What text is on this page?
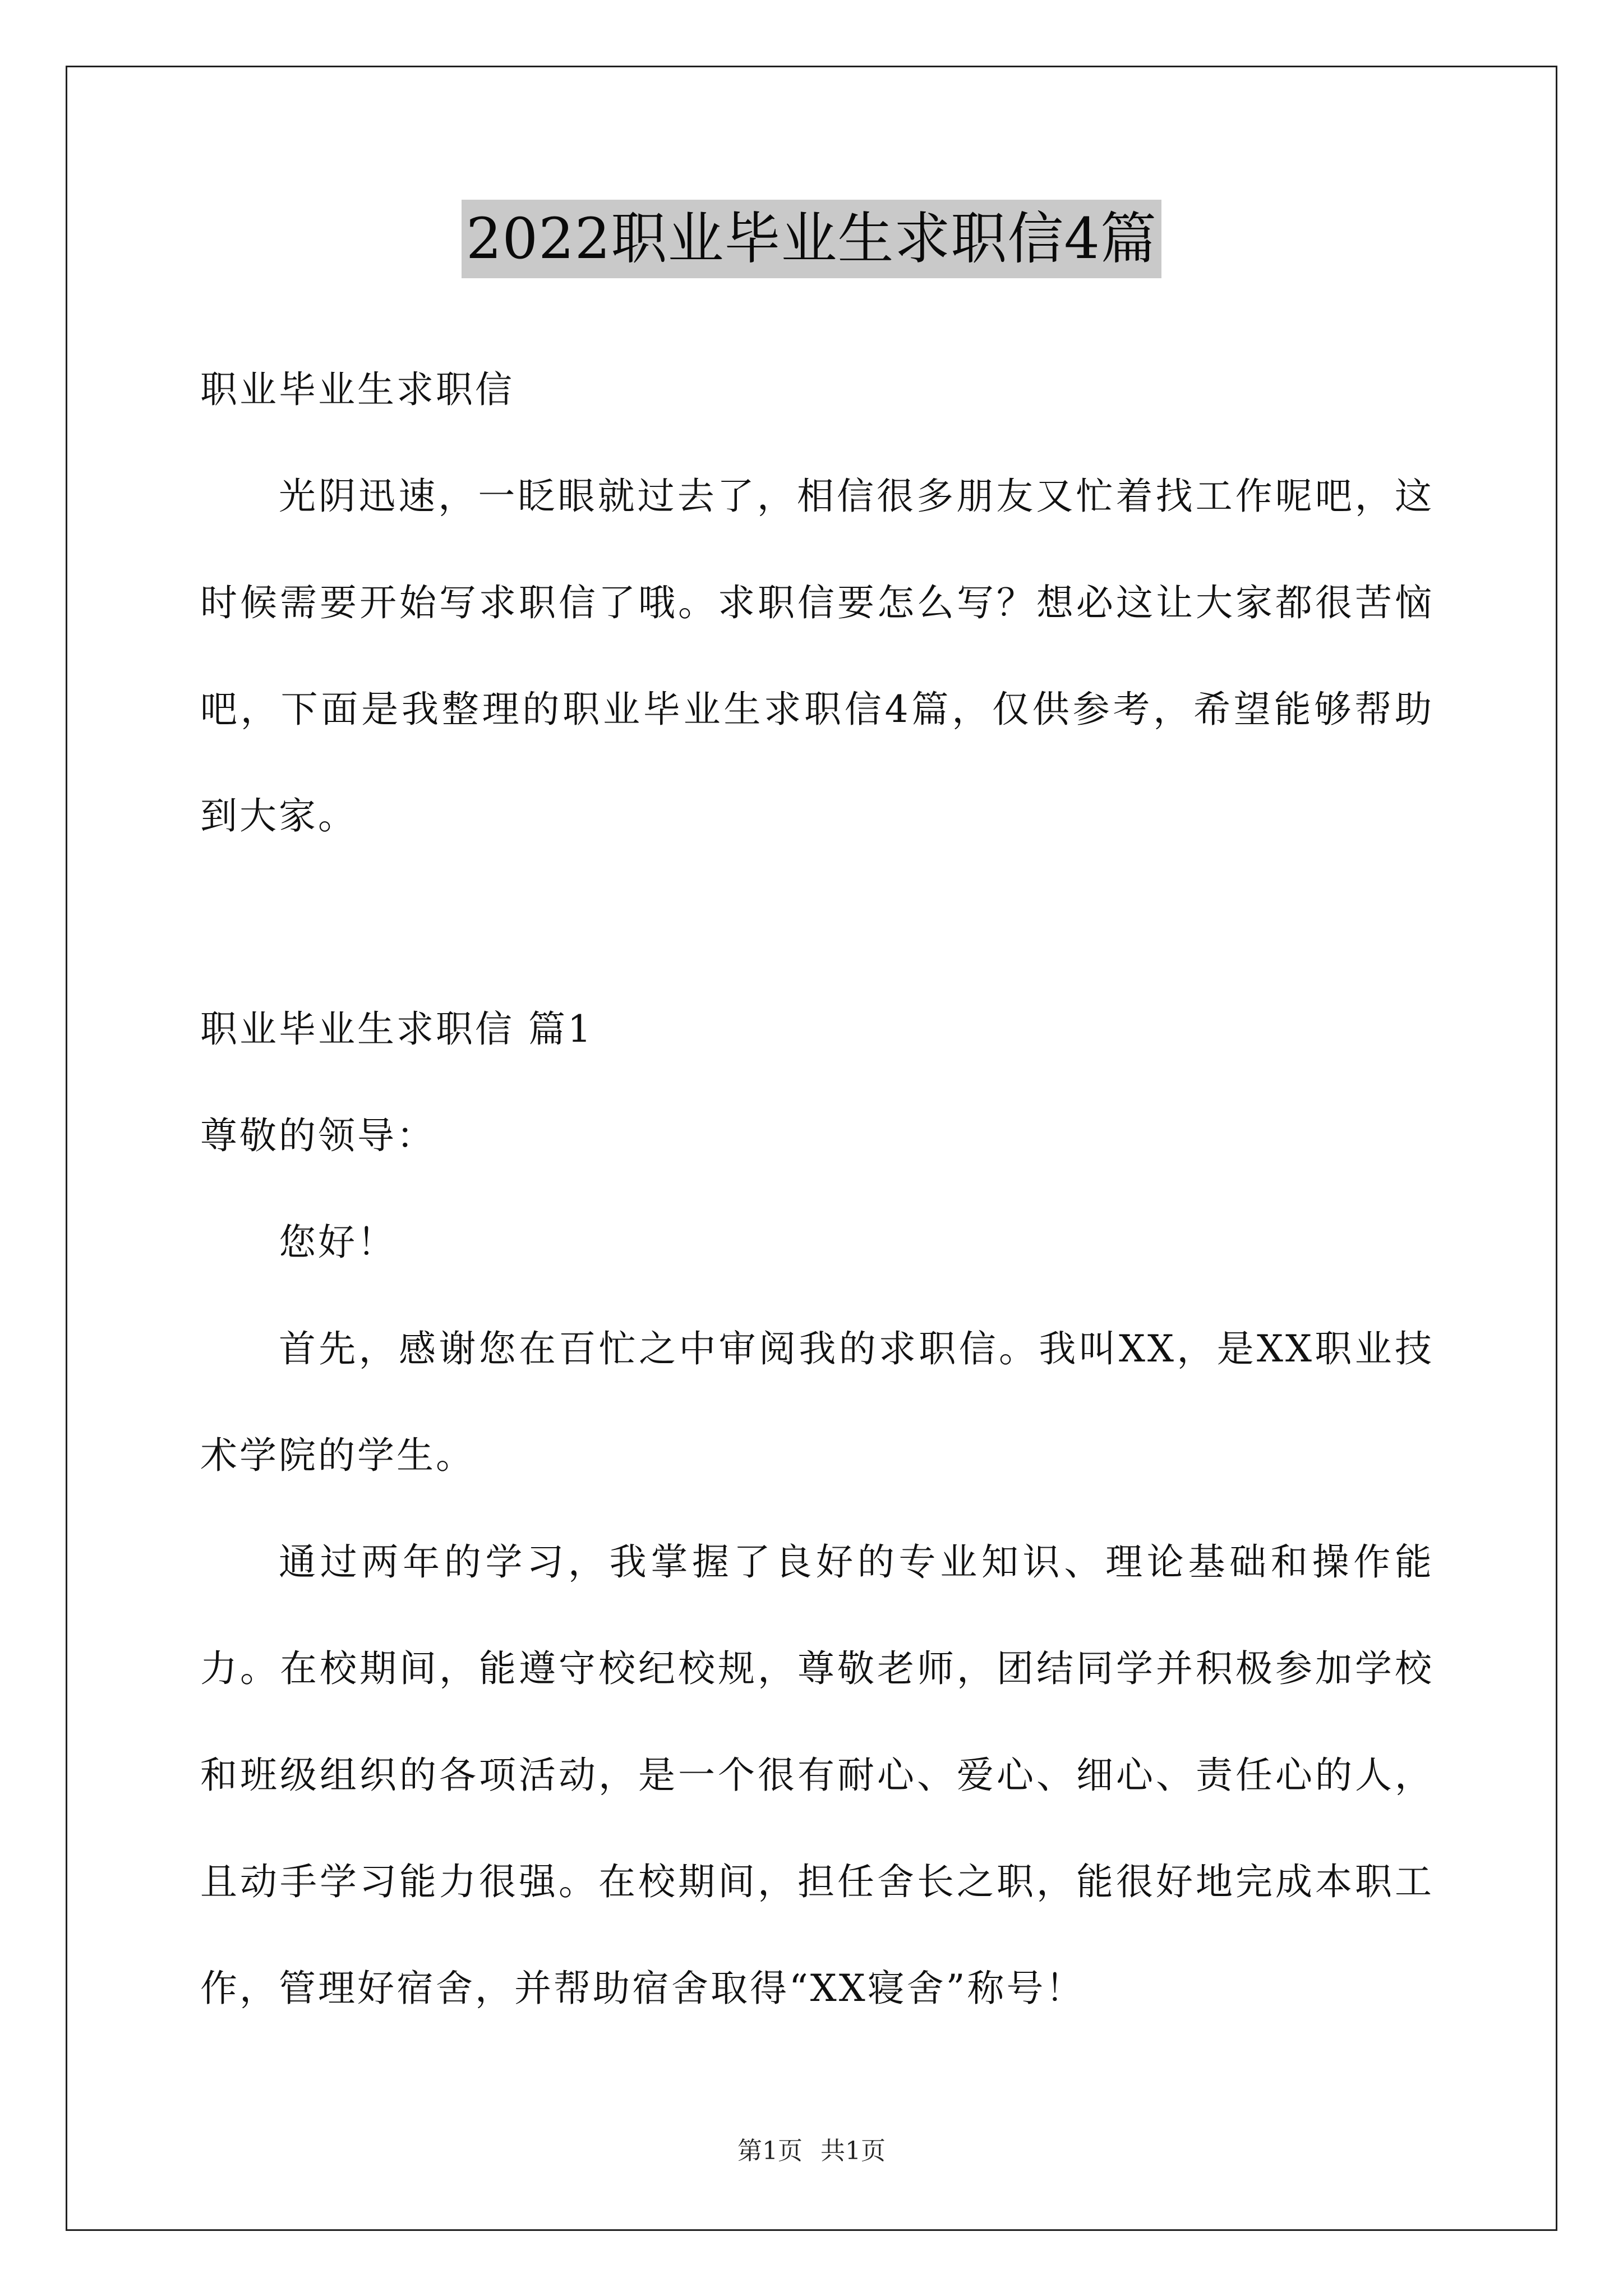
2022职业毕业生求职信4篇

职业毕业生求职信

光阴迅速，一眨眼就过去了，相信很多朋友又忙着找工作呢吧，这时候需要开始写求职信了哦。求职信要怎么写？想必这让大家都很苦恼吧，下面是我整理的职业毕业生求职信4篇，仅供参考，希望能够帮助到大家。

职业毕业生求职信 篇1

尊敬的领导：

您好！

首先，感谢您在百忙之中审阅我的求职信。我叫XX，是XX职业技术学院的学生。

通过两年的学习，我掌握了良好的专业知识、理论基础和操作能力。在校期间，能遵守校纪校规，尊敬老师，团结同学并积极参加学校和班级组织的各项活动，是一个很有耐心、爱心、细心、责任心的人，且动手学习能力很强。在校期间，担任舍长之职，能很好地完成本职工作，管理好宿舍，并帮助宿舍取得“XX寝舍”称号！

第1页 共1页
